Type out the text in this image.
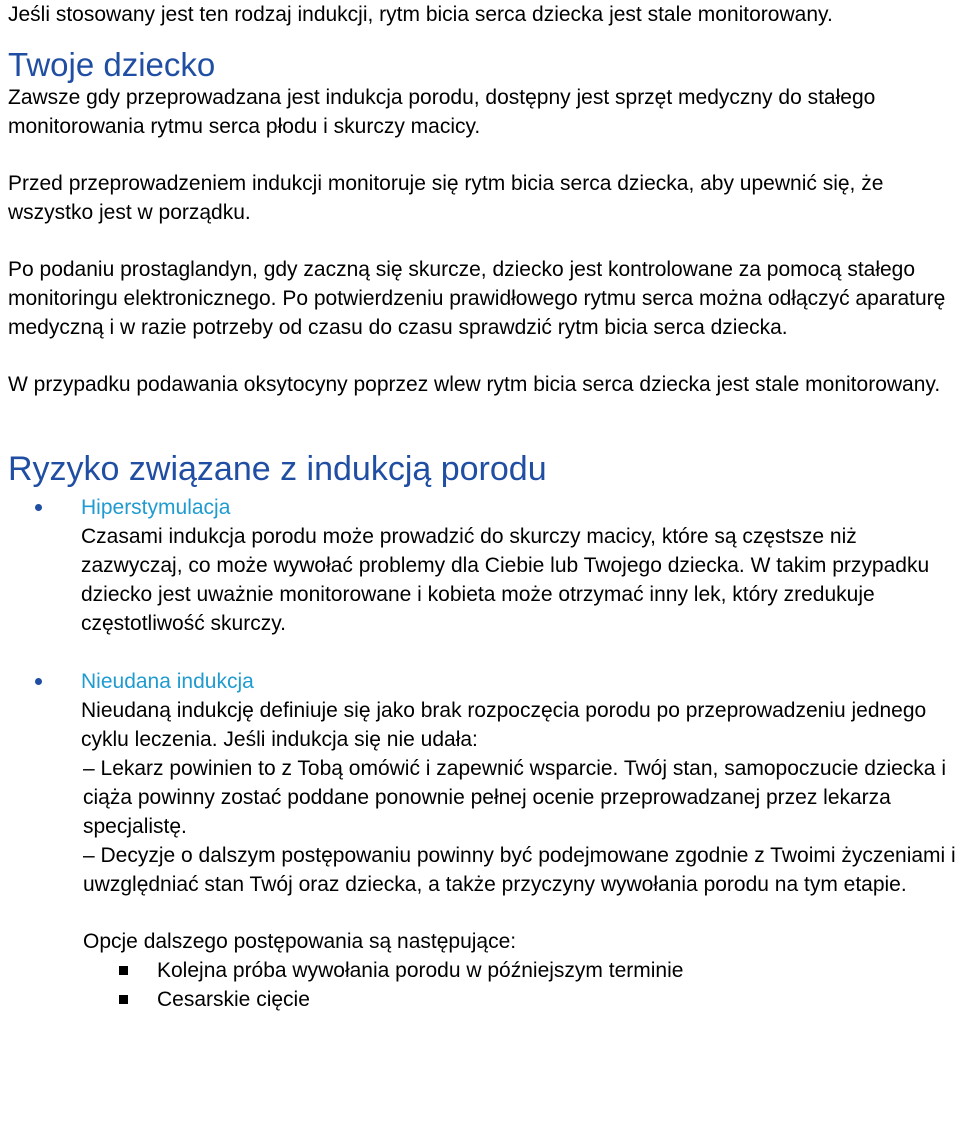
Jeśli stosowany jest ten rodzaj indukcji, rytm bicia serca dziecka jest stale monitorowany.

Twoje dziecko

Zawsze gdy przeprowadzana jest indukcja porodu, dostępny jest sprzęt medyczny do stałego monitorowania rytmu serca płodu i skurczy macicy.

Przed przeprowadzeniem indukcji monitoruje się rytm bicia serca dziecka, aby upewnić się, że wszystko jest w porządku.

Po podaniu prostaglandyn, gdy zaczną się skurcze, dziecko jest kontrolowane za pomocą stałego monitoringu elektronicznego. Po potwierdzeniu prawidłowego rytmu serca można odłączyć aparaturę medyczną i w razie potrzeby od czasu do czasu sprawdzić rytm bicia serca dziecka.

W przypadku podawania oksytocyny poprzez wlew rytm bicia serca dziecka jest stale monitorowany.

Ryzyko związane z indukcją porodu
Hiperstymulacja
Czasami indukcja porodu może prowadzić do skurczy macicy, które są częstsze niż zazwyczaj, co może wywołać problemy dla Ciebie lub Twojego dziecka. W takim przypadku dziecko jest uważnie monitorowane i kobieta może otrzymać inny lek, który zredukuje częstotliwość skurczy.
Nieudana indukcja
Nieudaną indukcję definiuje się jako brak rozpoczęcia porodu po przeprowadzeniu jednego cyklu leczenia. Jeśli indukcja się nie udała:
– Lekarz powinien to z Tobą omówić i zapewnić wsparcie. Twój stan, samopoczucie dziecka i ciąża powinny zostać poddane ponownie pełnej ocenie przeprowadzanej przez lekarza specjalistę.
– Decyzje o dalszym postępowaniu powinny być podejmowane zgodnie z Twoimi życzeniami i uwzględniać stan Twój oraz dziecka, a także przyczyny wywołania porodu na tym etapie.
Opcje dalszego postępowania są następujące:
Kolejna próba wywołania porodu w późniejszym terminie
Cesarskie cięcie
